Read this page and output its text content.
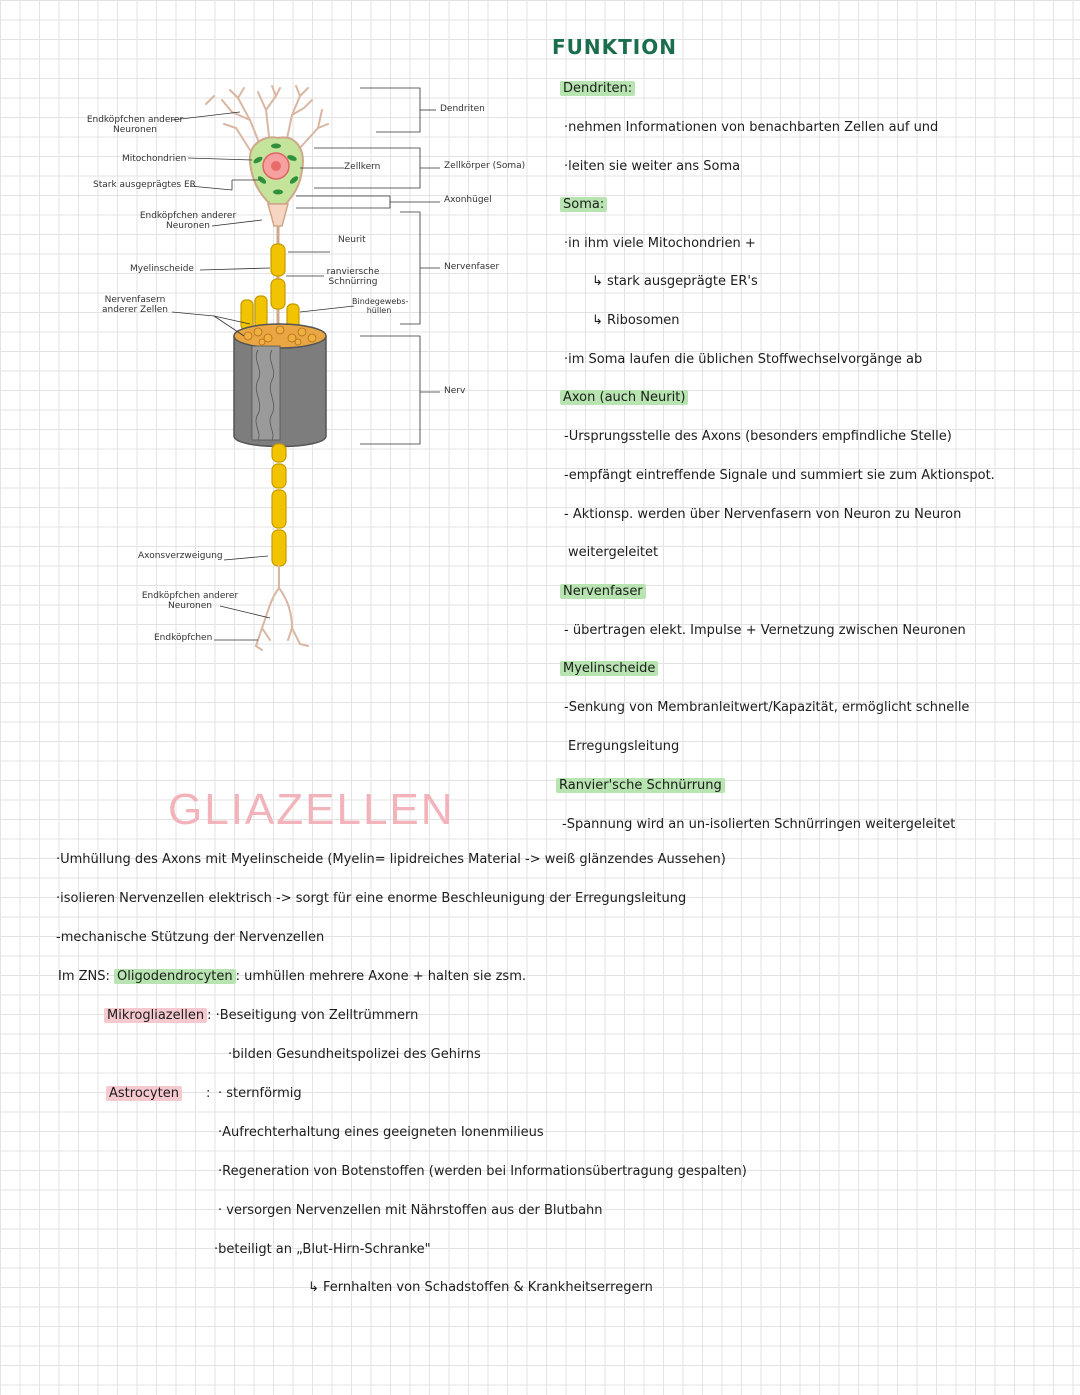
Endköpfchen anderer Neuronen
Mitochondrien
Stark ausgeprägtes ER
Endköpfchen anderer Neuronen
Myelinscheide
Nervenfasern anderer Zellen
Axonsverzweigung
Endköpfchen anderer Neuronen
Endköpfchen
Zellkern
Neurit
ranviersche Schnürring
Bindegewebs-hüllen
Dendriten
Zellkörper (Soma)
Axonhügel
Nervenfaser
Nerv
FUNKTION
Dendriten:
·nehmen Informationen von benachbarten Zellen auf und
·leiten sie weiter ans Soma
Soma:
·in ihm viele Mitochondrien +
↳ stark ausgeprägte ER's
↳ Ribosomen
·im Soma laufen die üblichen Stoffwechselvorgänge ab
Axon (auch Neurit)
-Ursprungsstelle des Axons (besonders empfindliche Stelle)
-empfängt eintreffende Signale und summiert sie zum Aktionspot.
- Aktionsp. werden über Nervenfasern von Neuron zu Neuron
weitergeleitet
Nervenfaser
- übertragen elekt. Impulse + Vernetzung zwischen Neuronen
Myelinscheide
-Senkung von Membranleitwert/Kapazität, ermöglicht schnelle
Erregungsleitung
Ranvier'sche Schnürrung
-Spannung wird an un-isolierten Schnürringen weitergeleitet
GLIAZELLEN
·Umhüllung des Axons mit Myelinscheide (Myelin= lipidreiches Material -> weiß glänzendes Aussehen)
·isolieren Nervenzellen elektrisch -> sorgt für eine enorme Beschleunigung der Erregungsleitung
-mechanische Stützung der Nervenzellen
Im ZNS: Oligodendrocyten : umhüllen mehrere Axone + halten sie zsm.
Mikrogliazellen : ·Beseitigung von Zelltrümmern
·bilden Gesundheitspolizei des Gehirns
Astrocyten : · sternförmig
·Aufrechterhaltung eines geeigneten Ionenmilieus
·Regeneration von Botenstoffen (werden bei Informationsübertragung gespalten)
· versorgen Nervenzellen mit Nährstoffen aus der Blutbahn
·beteiligt an „Blut-Hirn-Schranke"
↳ Fernhalten von Schadstoffen & Krankheitserregern
